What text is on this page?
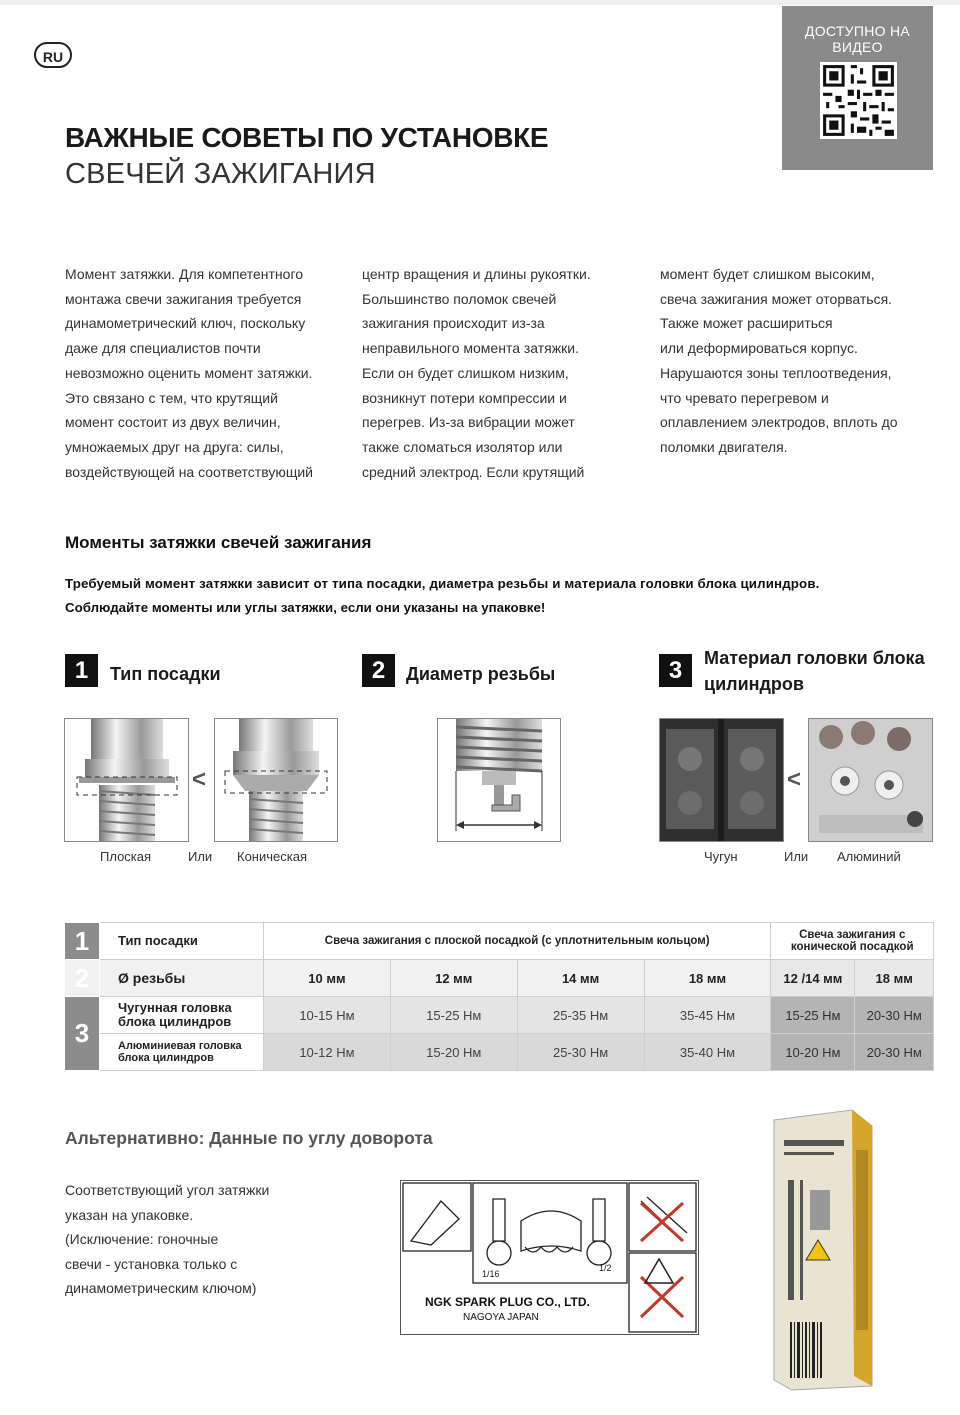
RU
ДОСТУПНО НА
ВИДЕО
ВАЖНЫЕ СОВЕТЫ ПО УСТАНОВКЕ
СВЕЧЕЙ ЗАЖИГАНИЯ

Момент затяжки. Для компетентного

монтажа свечи зажигания требуется

динамометрический ключ, поскольку

даже для специалистов почти

невозможно оценить момент затяжки.

Это связано с тем, что крутящий

момент состоит из двух величин,

умножаемых друг на друга: силы,

воздействующей на соответствующий

центр вращения и длины рукоятки.

Большинство поломок свечей

зажигания происходит из-за

неправильного момента затяжки.

Если он будет слишком низким,

возникнут потери компрессии и

перегрев. Из-за вибрации может

также сломаться изолятор или

средний электрод. Если крутящий

момент будет слишком высоким,

свеча зажигания может оторваться.

Также может расшириться

или деформироваться корпус.

Нарушаются зоны теплоотведения,

что чревато перегревом и

оплавлением электродов, вплоть до

поломки двигателя.

Моменты затяжки свечей зажигания
Требуемый момент затяжки зависит от типа посадки, диаметра резьбы и материала головки блока цилиндров.
Соблюдайте моменты или углы затяжки, если они указаны на упаковке!
1	Тип посадки	2	Диаметр резьбы	3	Материал головки блока
цилиндров
<
Плоская	Или Коническая
<
Чугун	Или Алюминий
1	Тип посадки	Свеча зажигания с плоской посадкой (с уплотнительным кольцом)				Свеча зажигания с
конической посадкой	

2	Ø резьбы	10 мм	12 мм	14 мм	18 мм	12 /14 мм	18 мм
3	Чугунная головка
блока цилиндров	10-15 Нм	15-25 Нм	25-35 Нм	35-45 Нм	15-25 Нм	20-30 Нм

	Алюминиевая головка
блока цилиндров	10-12 Нм	15-20 Нм	25-30 Нм	35-40 Нм	10-20 Нм	20-30 Нм
Альтернативно: Данные по углу доворота

Соответствующий угол затяжки

указан на упаковке.

(Исключение: гоночные

свечи - установка только с

динамометрическим ключом)

1/16
1/2
NGK SPARK PLUG CO., LTD.
NAGOYA JAPAN
